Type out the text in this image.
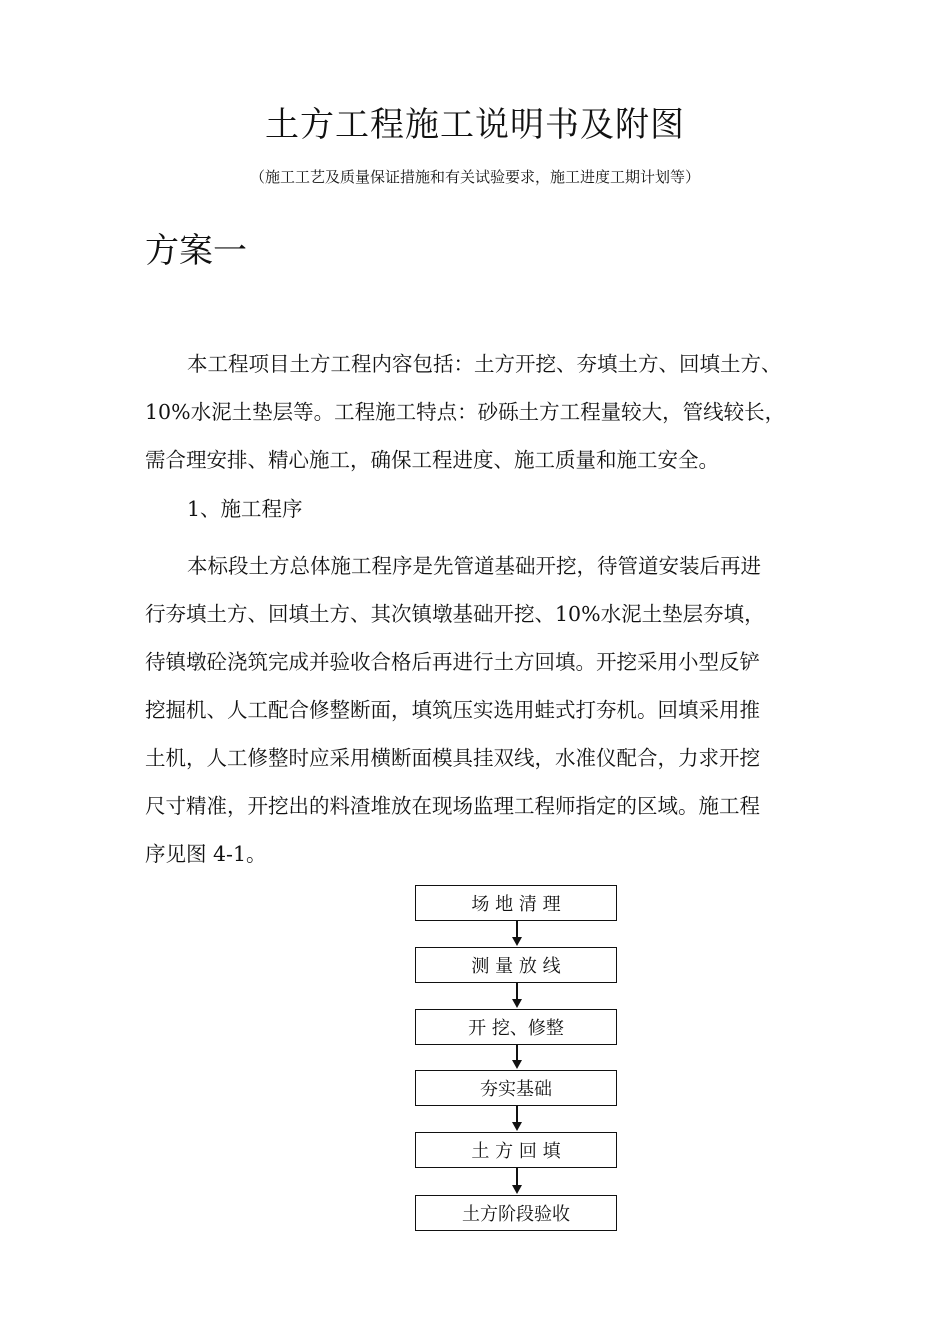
土方工程施工说明书及附图
（施工工艺及质量保证措施和有关试验要求，施工进度工期计划等）
方案一
本工程项目土方工程内容包括：土方开挖、夯填土方、回填土方、
10%水泥土垫层等。工程施工特点：砂砾土方工程量较大，管线较长，
需合理安排、精心施工，确保工程进度、施工质量和施工安全。
1、施工程序
本标段土方总体施工程序是先管道基础开挖，待管道安装后再进
行夯填土方、回填土方、其次镇墩基础开挖、10%水泥土垫层夯填，
待镇墩砼浇筑完成并验收合格后再进行土方回填。开挖采用小型反铲
挖掘机、人工配合修整断面，填筑压实选用蛙式打夯机。回填采用推
土机，人工修整时应采用横断面模具挂双线，水准仪配合，力求开挖
尺寸精准，开挖出的料渣堆放在现场监理工程师指定的区域。施工程
序见图 4-1。
场 地 清 理
测 量 放 线
开 挖、修整
夯实基础
土 方 回 填
土方阶段验收
